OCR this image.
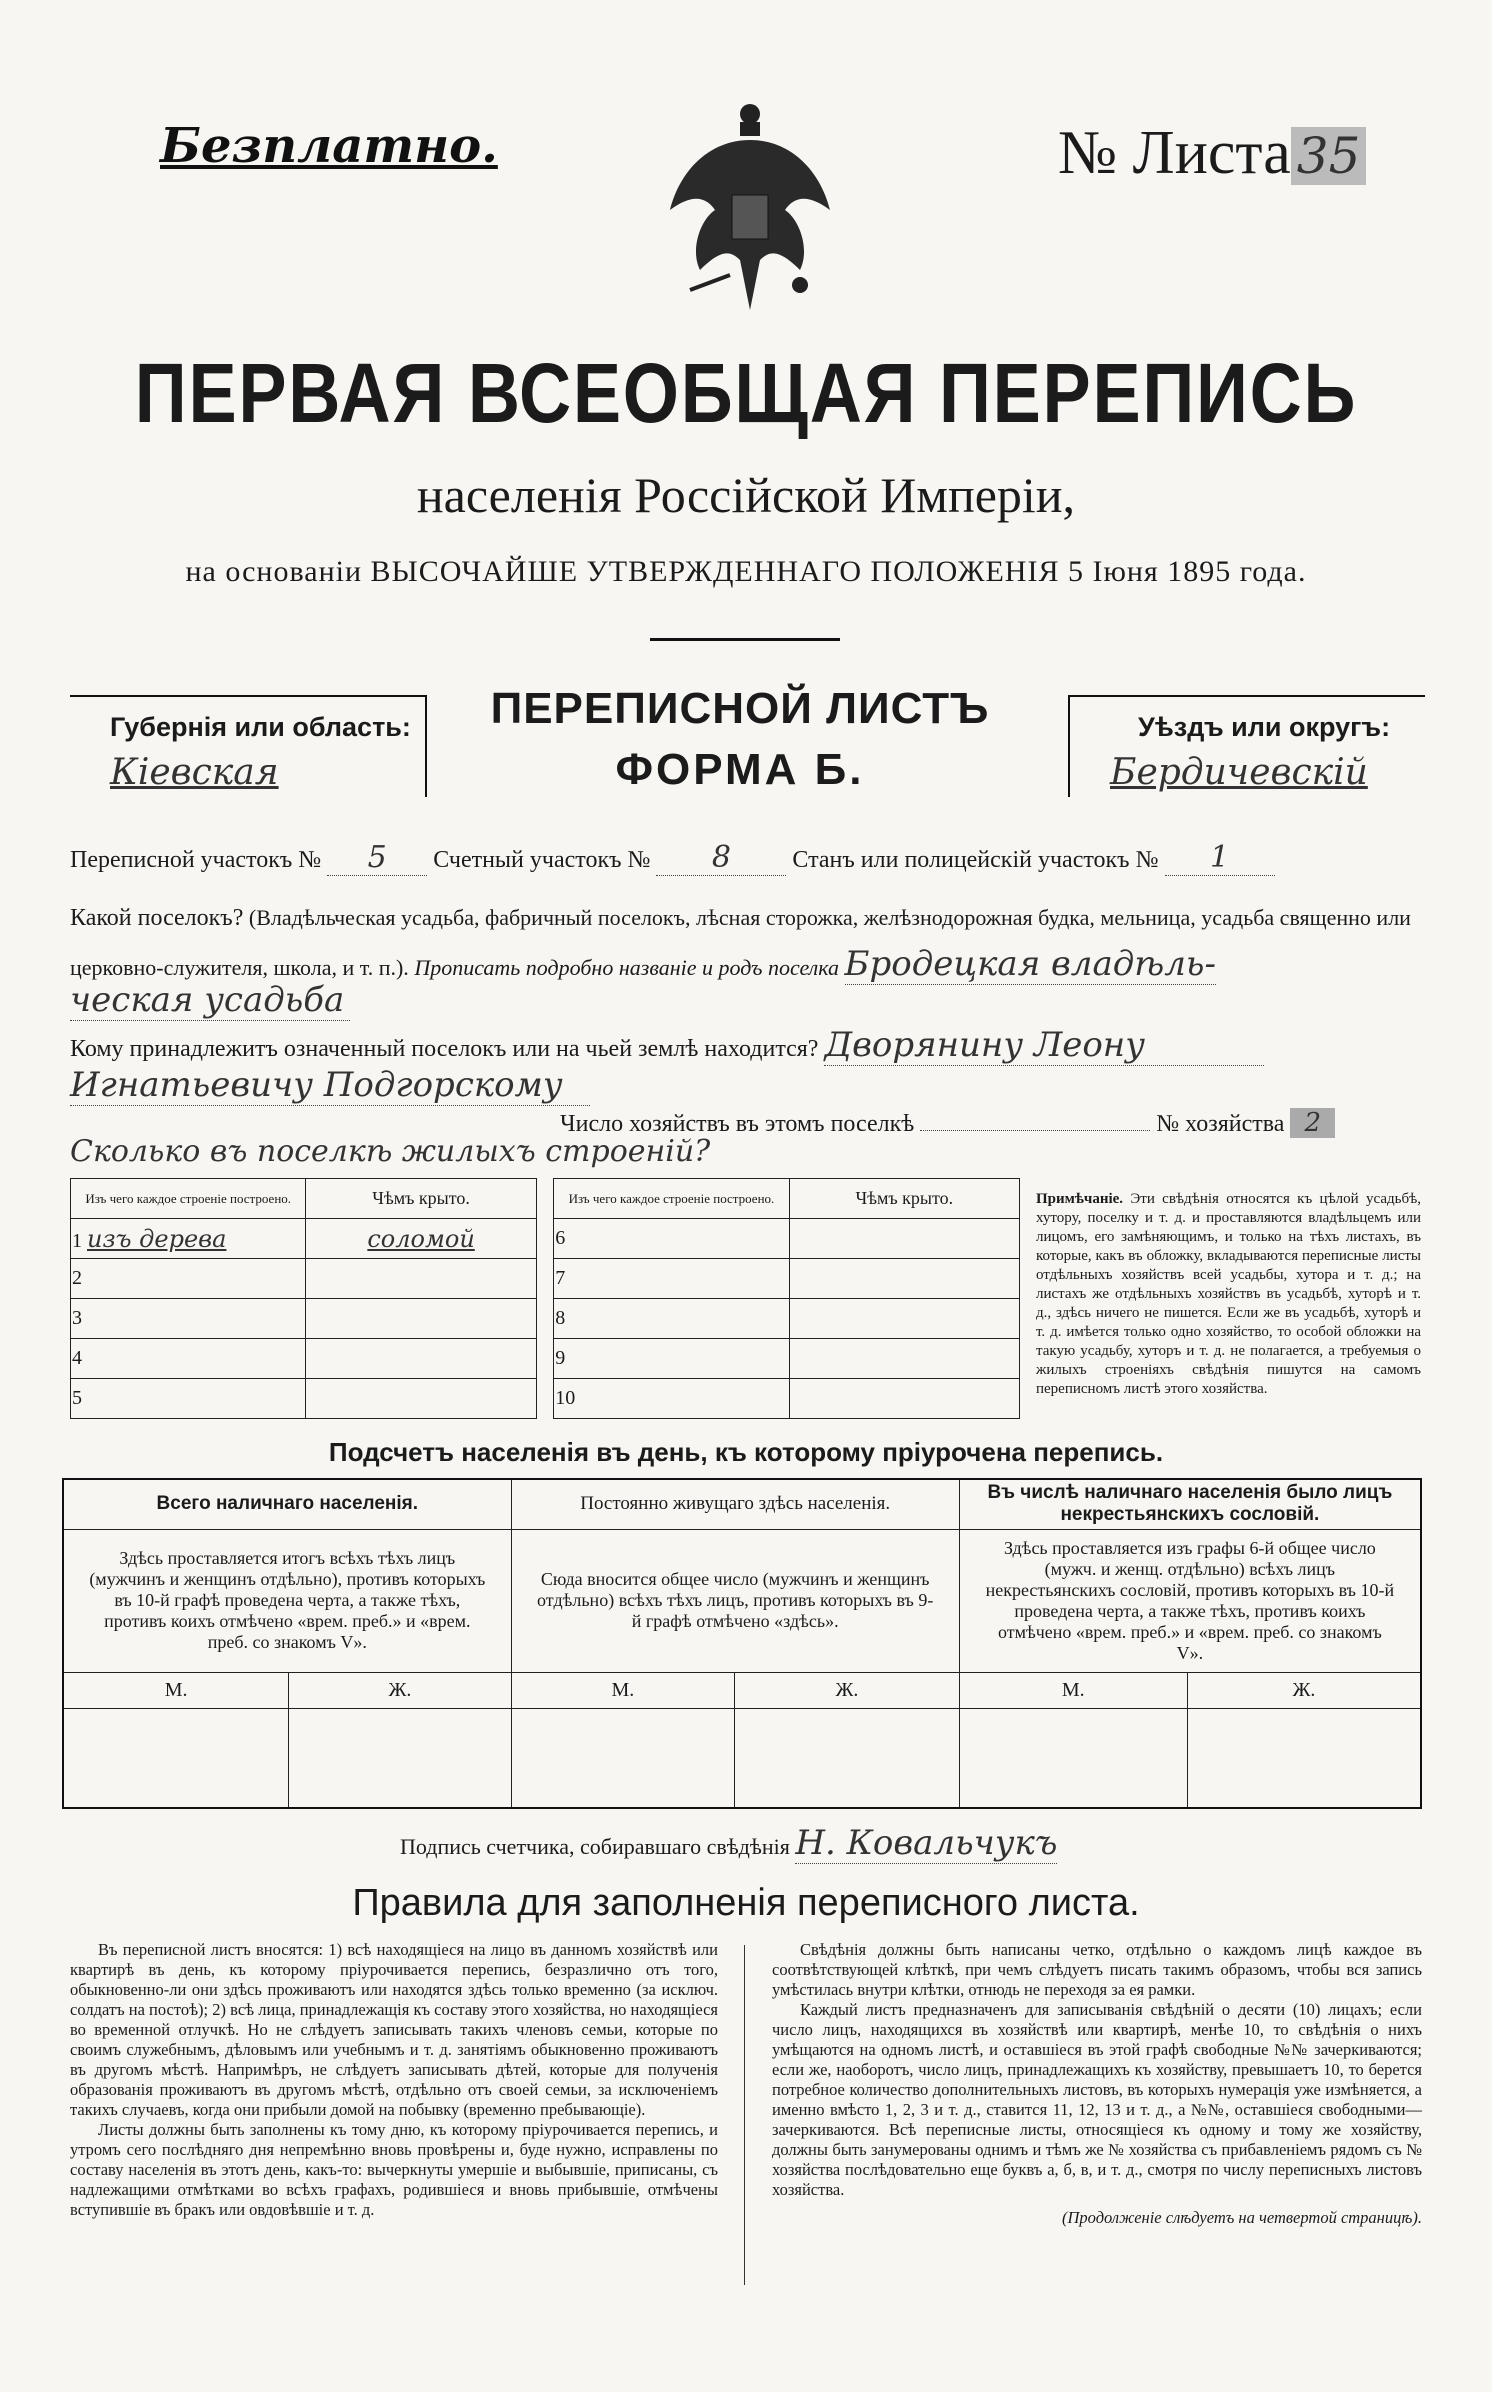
Безплатно.	№ Листа 35
ПЕРВАЯ ВСЕОБЩАЯ ПЕРЕПИСЬ
населенія Россійской Имперіи,
на основаніи ВЫСОЧАЙШЕ УТВЕРЖДЕННАГО ПОЛОЖЕНІЯ 5 Іюня 1895 года.
Губернія или область:
Кіевская
ПЕРЕПИСНОЙ ЛИСТЪ
ФОРМА Б.
Уѣздъ или округъ:
Бердичевскій
Переписной участокъ № 5 Счетный участокъ № 8	Станъ или полицейскій участокъ № 1
Какой поселокъ? (Владѣльческая усадьба, фабричный поселокъ, лѣсная сторожка, желѣзнодорожная будка, мельница, усадьба священно или церковно-служителя, школа, и т. п.). Прописать подробно названіе и родъ поселка Бродецкая владѣль-
ческая усадьба
Кому принадлежитъ означенный поселокъ или на чьей землѣ находится? Дворянину Леону
Игнатьевичу Подгорскому
Число хозяйствъ въ этомъ поселкѣ	№ хозяйства 2
Сколько въ поселкѣ жилыхъ строеній?
Изъ чего каждое строеніе построено.	Чѣмъ крыто.		Изъ чего каждое строеніе построено.	Чѣмъ крыто.
1 изъ дерева	соломой		6	
2			7	
3			8	
4			9	
5			10	
Примѣчаніе. Эти свѣдѣнія относятся къ цѣлой усадьбѣ, хутору, поселку и т. д. и проставляются владѣльцемъ или лицомъ, его замѣняющимъ, и только на тѣхъ листахъ, въ которые, какъ въ обложку, вкладываются переписные листы отдѣльныхъ хозяйствъ всей усадьбы, хутора и т. д.; на листахъ же отдѣльныхъ хозяйствъ въ усадьбѣ, хуторѣ и т. д., здѣсь ничего не пишется. Если же въ усадьбѣ, хуторѣ и т. д. имѣется только одно хозяйство, то особой обложки на такую усадьбу, хуторъ и т. д. не полагается, а требуемыя о жилыхъ строеніяхъ свѣдѣнія пишутся на самомъ переписномъ листѣ этого хозяйства.
Подсчетъ населенія въ день, къ которому пріурочена перепись.
Всего наличнаго населенія.		Постоянно живущаго здѣсь населенія.		Въ числѣ наличнаго населенія было лицъ некрестьянскихъ сословій.	
Здѣсь проставляется итогъ всѣхъ тѣхъ лицъ (мужчинъ и женщинъ отдѣльно), противъ которыхъ въ 10-й графѣ проведена черта, а также тѣхъ, противъ коихъ отмѣчено «врем. преб.» и «врем. преб. со знакомъ V».		Сюда вносится общее число (мужчинъ и женщинъ отдѣльно) всѣхъ тѣхъ лицъ, противъ которыхъ въ 9-й графѣ отмѣчено «здѣсь».		Здѣсь проставляется изъ графы 6-й общее число (мужч. и женщ. отдѣльно) всѣхъ лицъ некрестьянскихъ сословій, противъ которыхъ въ 10-й проведена черта, а также тѣхъ, противъ коихъ отмѣчено «врем. преб.» и «врем. преб. со знакомъ V».	
М.	Ж.	М.	Ж.	М.	Ж.

Подпись счетчика, собиравшаго свѣдѣнія Н. Ковальчукъ
Правила для заполненія переписного листа.

Въ переписной листъ вносятся: 1) всѣ находящіеся на лицо въ данномъ хозяйствѣ или квартирѣ въ день, къ которому пріурочивается перепись, безразлично отъ того, обыкновенно-ли они здѣсь проживаютъ или находятся здѣсь только временно (за исключ. солдатъ на постоѣ); 2) всѣ лица, принадлежащія къ составу этого хозяйства, но находящіеся во временной отлучкѣ. Но не слѣдуетъ записывать такихъ членовъ семьи, которые по своимъ служебнымъ, дѣловымъ или учебнымъ и т. д. занятіямъ обыкновенно проживаютъ въ другомъ мѣстѣ. Напримѣръ, не слѣдуетъ записывать дѣтей, которые для полученія образованія проживаютъ въ другомъ мѣстѣ, отдѣльно отъ своей семьи, за исключеніемъ такихъ случаевъ, когда они прибыли домой на побывку (временно пребывающіе).

Листы должны быть заполнены къ тому дню, къ которому пріурочивается перепись, и утромъ сего послѣдняго дня непремѣнно вновь провѣрены и, буде нужно, исправлены по составу населенія въ этотъ день, какъ-то: вычеркнуты умершіе и выбывшіе, приписаны, съ надлежащими отмѣтками во всѣхъ графахъ, родившіеся и вновь прибывшіе, отмѣчены вступившіе въ бракъ или овдовѣвшіе и т. д.

Свѣдѣнія должны быть написаны четко, отдѣльно о каждомъ лицѣ каждое въ соотвѣтствующей клѣткѣ, при чемъ слѣдуетъ писать такимъ образомъ, чтобы вся запись умѣстилась внутри клѣтки, отнюдь не переходя за ея рамки.

Каждый листъ предназначенъ для записыванія свѣдѣній о десяти (10) лицахъ; если число лицъ, находящихся въ хозяйствѣ или квартирѣ, менѣе 10, то свѣдѣнія о нихъ умѣщаются на одномъ листѣ, и оставшіеся въ этой графѣ свободные №№ зачеркиваются; если же, наоборотъ, число лицъ, принадлежащихъ къ хозяйству, превышаетъ 10, то берется потребное количество дополнительныхъ листовъ, въ которыхъ нумерація уже измѣняется, а именно вмѣсто 1, 2, 3 и т. д., ставится 11, 12, 13 и т. д., а №№, оставшіеся свободными—зачеркиваются. Всѣ переписные листы, относящіеся къ одному и тому же хозяйству, должны быть занумерованы однимъ и тѣмъ же № хозяйства съ прибавленіемъ рядомъ съ № хозяйства послѣдовательно еще буквъ а, б, в, и т. д., смотря по числу переписныхъ листовъ хозяйства.

(Продолженіе слѣдуетъ на четвертой страницѣ).
